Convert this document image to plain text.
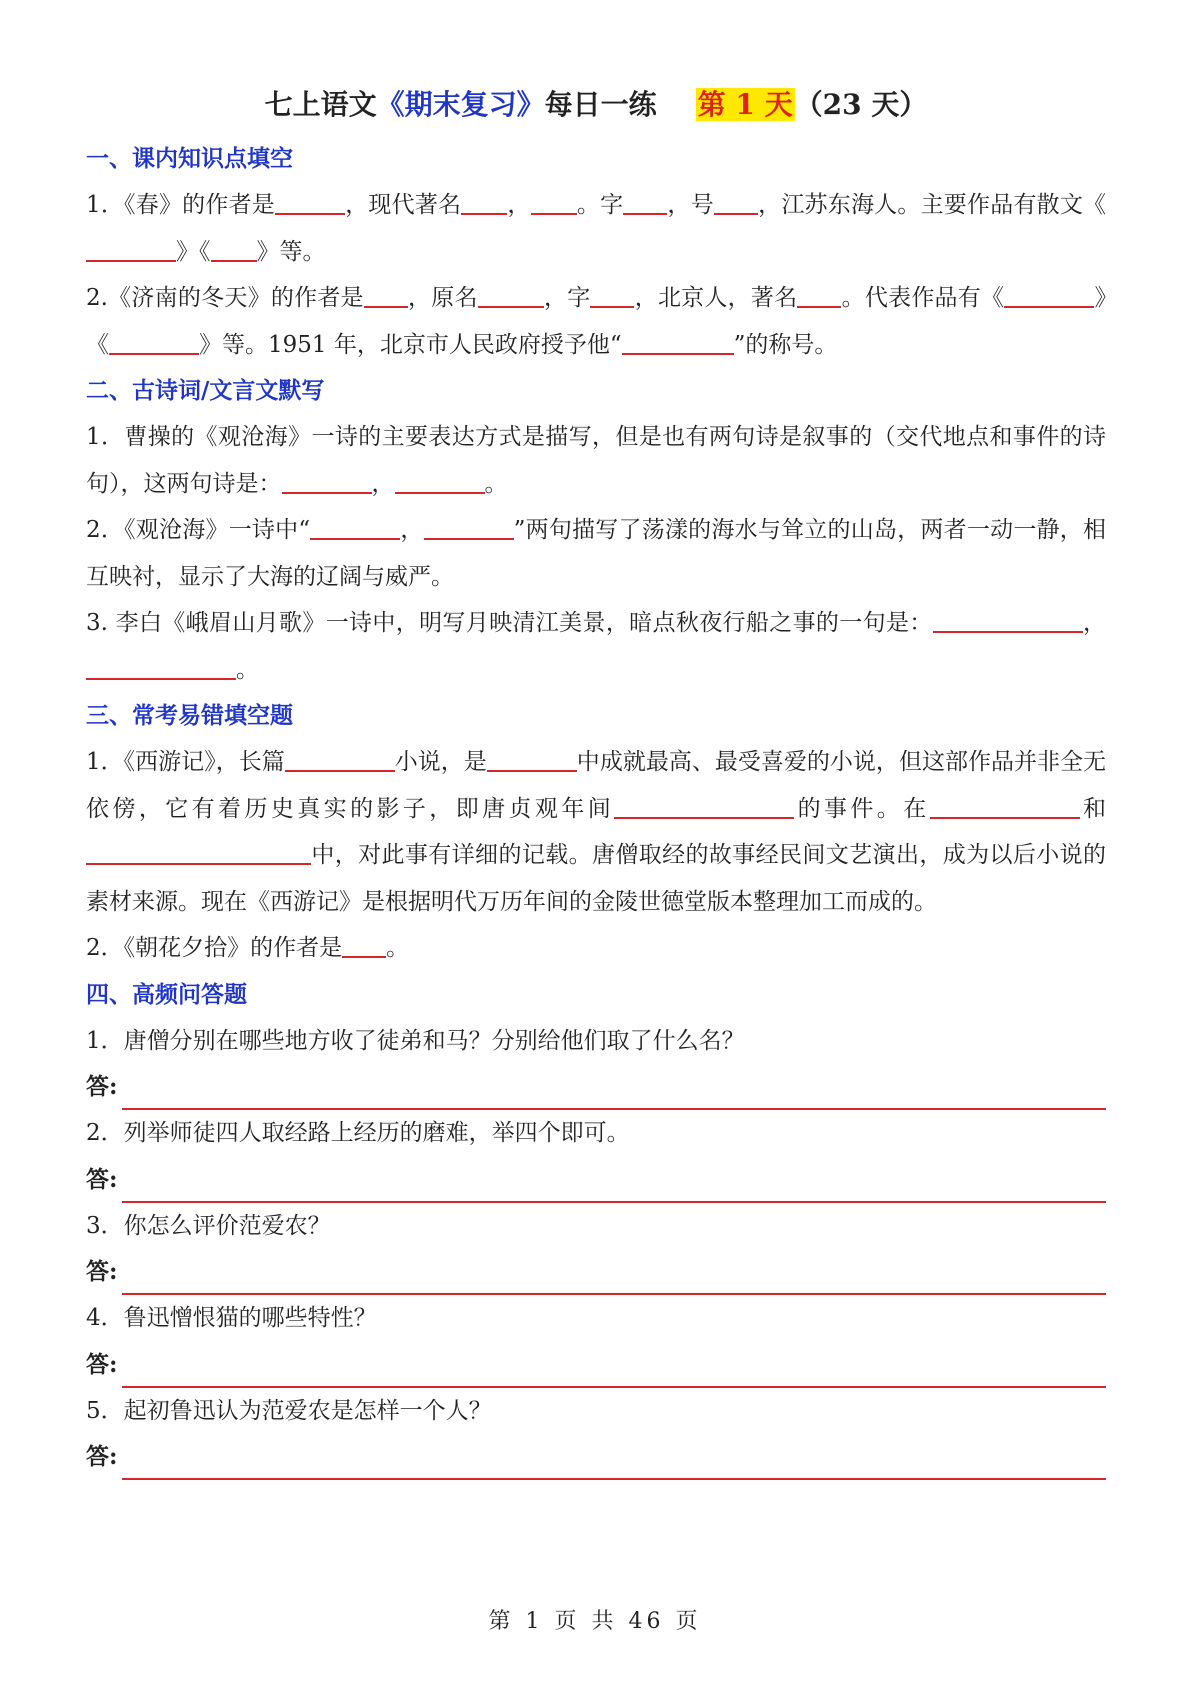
七上语文《期末复习》每日一练 第 1 天（23 天）
一、课内知识点填空
1．《春》的作者是	，现代著名 ， 。字 ，号 ，江苏东海人。主要作品有散文《》《 》等。
2.《济南的冬天》的作者是 ，原名	，字 ，北京人，著名 。代表作品有《	》《	》等。1951 年，北京市人民政府授予他“	”的称号。
二、古诗词/文言文默写
1．曹操的《观沧海》一诗的主要表达方式是描写，但是也有两句诗是叙事的（交代地点和事件的诗句），这两句诗是：	，	。
2．《观沧海》一诗中“	，	”两句描写了荡漾的海水与耸立的山岛，两者一动一静，相互映衬，显示了大海的辽阔与威严。
3. 李白《峨眉山月歌》一诗中，明写月映清江美景，暗点秋夜行船之事的一句是：	，。
三、常考易错填空题
1．《西游记》，长篇	小说，是	中成就最高、最受喜爱的小说，但这部作品并非全无依傍，它有着历史真实的影子，即唐贞观年间	的事件。在	和中，对此事有详细的记载。唐僧取经的故事经民间文艺演出，成为以后小说的素材来源。现在《西游记》是根据明代万历年间的金陵世德堂版本整理加工而成的。
2．《朝花夕拾》的作者是 。
四、高频问答题
1．唐僧分别在哪些地方收了徒弟和马？分别给他们取了什么名？
答:
2．列举师徒四人取经路上经历的磨难，举四个即可。
答:
3．你怎么评价范爱农？
答:
4．鲁迅憎恨猫的哪些特性？
答:
5．起初鲁迅认为范爱农是怎样一个人？
答:
第 1 页 共 46 页
